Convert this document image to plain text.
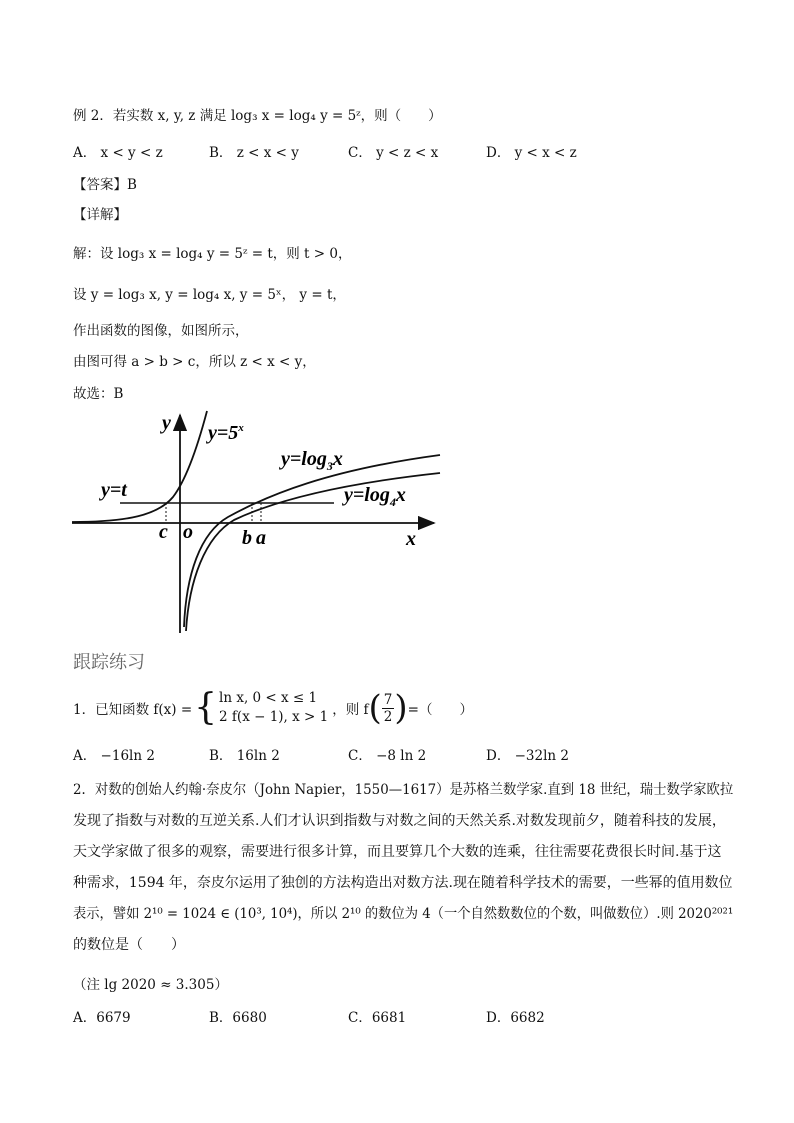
例 2．若实数 x, y, z 满足 log₃ x = log₄ y = 5ᶻ，则（　　）
A． x < y < z	B． z < x < y	C． y < z < x	D． y < x < z
【答案】B
【详解】
解：设 log₃ x = log₄ y = 5ᶻ = t，则 t > 0，
设 y = log₃ x, y = log₄ x, y = 5ˣ， y = t，
作出函数的图像，如图所示，
由图可得 a > b > c，所以 z < x < y，
故选：B
y
x
$y=5^x$
$y=\log_3x$
$y=\log_4x$
y=t
c o b a
跟踪练习
1．已知函数 f(x) = { ln x, 0 < x ≤ 1
2 f(x − 1), x > 1 ，则 f ( $\frac{7}{2}$ ) =（　　）
A． −16ln 2	B． 16ln 2	C． −8 ln 2	D． −32ln 2
2．对数的创始人约翰·奈皮尔（John Napier，1550—1617）是苏格兰数学家.直到 18 世纪，瑞士数学家欧拉
发现了指数与对数的互逆关系.人们才认识到指数与对数之间的天然关系.对数发现前夕，随着科技的发展，
天文学家做了很多的观察，需要进行很多计算，而且要算几个大数的连乘，往往需要花费很长时间.基于这
种需求，1594 年，奈皮尔运用了独创的方法构造出对数方法.现在随着科学技术的需要，一些幂的值用数位
表示，譬如 2¹⁰ = 1024 ∈ (10³, 10⁴)，所以 2¹⁰ 的数位为 4（一个自然数数位的个数，叫做数位）.则 2020²⁰²¹
的数位是（　　）
（注 lg 2020 ≈ 3.305）
A．6679	B．6680	C．6681	D．6682
